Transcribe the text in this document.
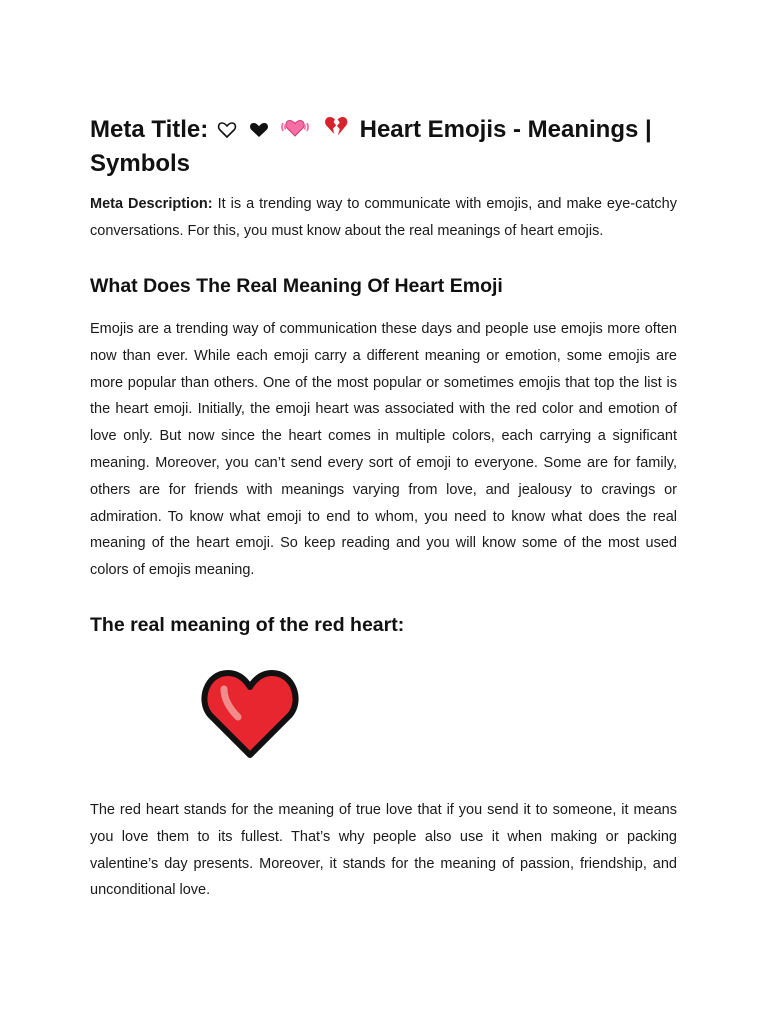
Meta Title:

	Heart Emojis - Meanings | Symbols

Meta Description: It is a trending way to communicate with emojis, and make eye-catchy conversations. For this, you must know about the real meanings of heart emojis.

What Does The Real Meaning Of Heart Emoji

Emojis are a trending way of communication these days and people use emojis more often now than ever. While each emoji carry a different meaning or emotion, some emojis are more popular than others. One of the most popular or sometimes emojis that top the list is the heart emoji. Initially, the emoji heart was associated with the red color and emotion of love only. But now since the heart comes in multiple colors, each carrying a significant meaning. Moreover, you can’t send every sort of emoji to everyone. Some are for family, others are for friends with meanings varying from love, and jealousy to cravings or admiration. To know what emoji to end to whom, you need to know what does the real meaning of the heart emoji. So keep reading and you will know some of the most used colors of emojis meaning.

The real meaning of the red heart:

The red heart stands for the meaning of true love that if you send it to someone, it means you love them to its fullest. That’s why people also use it when making or packing valentine’s day presents. Moreover, it stands for the meaning of passion, friendship, and unconditional love.
